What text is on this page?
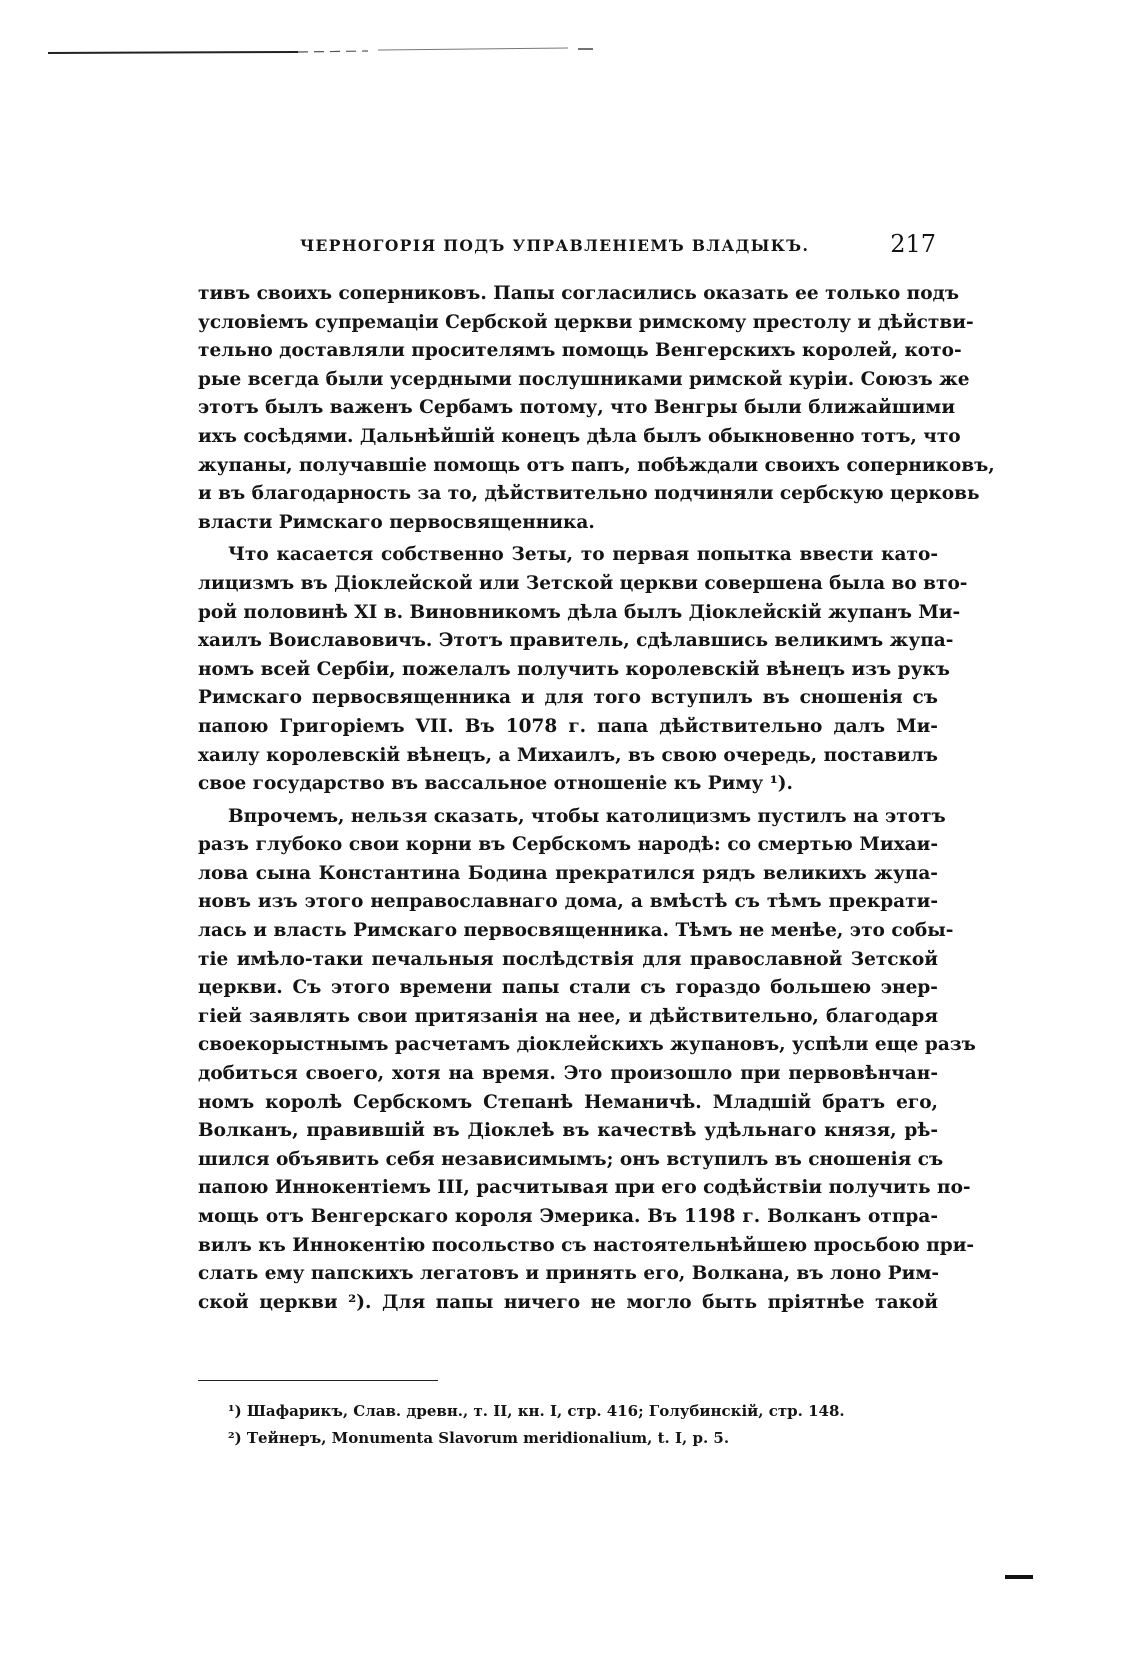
ЧЕРНОГОРІЯ ПОДЪ УПРАВЛЕНІЕМЪ ВЛАДЫКЪ.	217
тивъ своихъ соперниковъ. Папы согласились оказать ее только подъ
условіемъ супремаціи Сербской церкви римскому престолу и дѣйстви-
тельно доставляли просителямъ помощь Венгерскихъ королей, кото-
рые всегда были усердными послушниками римской куріи. Союзъ же
этотъ былъ важенъ Сербамъ потому, что Венгры были ближайшими
ихъ сосѣдями. Дальнѣйшій конецъ дѣла былъ обыкновенно тотъ, что
жупаны, получавшіе помощь отъ папъ, побѣждали своихъ соперниковъ,
и въ благодарность за то, дѣйствительно подчиняли сербскую церковь
власти Римскаго первосвященника.
Что касается собственно Зеты, то первая попытка ввести като-
лицизмъ въ Діоклейской или Зетской церкви совершена была во вто-
рой половинѣ XI в. Виновникомъ дѣла былъ Діоклейскій жупанъ Ми-
хаилъ Воиславовичъ. Этотъ правитель, сдѣлавшись великимъ жупа-
номъ всей Сербіи, пожелалъ получить королевскій вѣнецъ изъ рукъ
Римскаго первосвященника и для того вступилъ въ сношенія съ
папою Григоріемъ VII. Въ 1078 г. папа дѣйствительно далъ Ми-
хаилу королевскій вѣнецъ, а Михаилъ, въ свою очередь, поставилъ
свое государство въ вассальное отношеніе къ Риму ¹).
Впрочемъ, нельзя сказать, чтобы католицизмъ пустилъ на этотъ
разъ глубоко свои корни въ Сербскомъ народѣ: со смертью Михаи-
лова сына Константина Бодина прекратился рядъ великихъ жупа-
новъ изъ этого неправославнаго дома, а вмѣстѣ съ тѣмъ прекрати-
лась и власть Римскаго первосвященника. Тѣмъ не менѣе, это собы-
тіе имѣло-таки печальныя послѣдствія для православной Зетской
церкви. Съ этого времени папы стали съ гораздо большею энер-
гіей заявлять свои притязанія на нее, и дѣйствительно, благодаря
своекорыстнымъ расчетамъ діоклейскихъ жупановъ, успѣли еще разъ
добиться своего, хотя на время. Это произошло при первовѣнчан-
номъ королѣ Сербскомъ Степанѣ Неманичѣ. Младшій братъ его,
Волканъ, правившій въ Діоклеѣ въ качествѣ удѣльнаго князя, рѣ-
шился объявить себя независимымъ; онъ вступилъ въ сношенія съ
папою Иннокентіемъ III, расчитывая при его содѣйствіи получить по-
мощь отъ Венгерскаго короля Эмерика. Въ 1198 г. Волканъ отпра-
вилъ къ Иннокентію посольство съ настоятельнѣйшею просьбою при-
слать ему папскихъ легатовъ и принять его, Волкана, въ лоно Рим-
ской церкви ²). Для папы ничего не могло быть пріятнѣе такой
¹) Шафарикъ, Слав. древн., т. II, кн. I, стр. 416; Голубинскій, стр. 148.
²) Тейнеръ, Monumenta Slavorum meridionalium, t. I, p. 5.
